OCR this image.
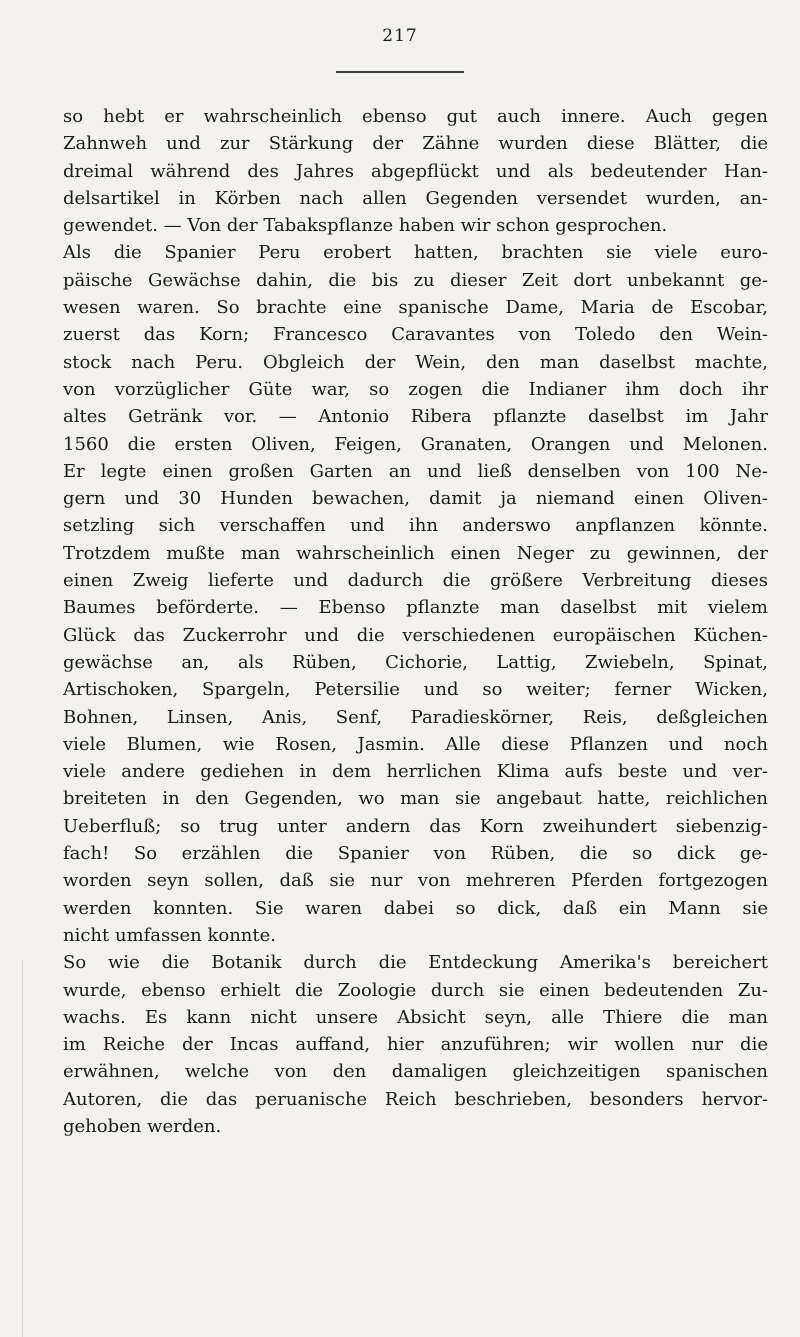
217
so hebt er wahrscheinlich ebenso gut auch innere. Auch gegen
Zahnweh und zur Stärkung der Zähne wurden diese Blätter, die
dreimal während des Jahres abgepflückt und als bedeutender Han-
delsartikel in Körben nach allen Gegenden versendet wurden, an-
gewendet. — Von der Tabakspflanze haben wir schon gesprochen.
Als die Spanier Peru erobert hatten, brachten sie viele euro-
päische Gewächse dahin, die bis zu dieser Zeit dort unbekannt ge-
wesen waren. So brachte eine spanische Dame, Maria de Escobar,
zuerst das Korn; Francesco Caravantes von Toledo den Wein-
stock nach Peru. Obgleich der Wein, den man daselbst machte,
von vorzüglicher Güte war, so zogen die Indianer ihm doch ihr
altes Getränk vor. — Antonio Ribera pflanzte daselbst im Jahr
1560 die ersten Oliven, Feigen, Granaten, Orangen und Melonen.
Er legte einen großen Garten an und ließ denselben von 100 Ne-
gern und 30 Hunden bewachen, damit ja niemand einen Oliven-
setzling sich verschaffen und ihn anderswo anpflanzen könnte.
Trotzdem mußte man wahrscheinlich einen Neger zu gewinnen, der
einen Zweig lieferte und dadurch die größere Verbreitung dieses
Baumes beförderte. — Ebenso pflanzte man daselbst mit vielem
Glück das Zuckerrohr und die verschiedenen europäischen Küchen-
gewächse an, als Rüben, Cichorie, Lattig, Zwiebeln, Spinat,
Artischoken, Spargeln, Petersilie und so weiter; ferner Wicken,
Bohnen, Linsen, Anis, Senf, Paradieskörner, Reis, deßgleichen
viele Blumen, wie Rosen, Jasmin. Alle diese Pflanzen und noch
viele andere gediehen in dem herrlichen Klima aufs beste und ver-
breiteten in den Gegenden, wo man sie angebaut hatte, reichlichen
Ueberfluß; so trug unter andern das Korn zweihundert siebenzig-
fach! So erzählen die Spanier von Rüben, die so dick ge-
worden seyn sollen, daß sie nur von mehreren Pferden fortgezogen
werden konnten. Sie waren dabei so dick, daß ein Mann sie
nicht umfassen konnte.
So wie die Botanik durch die Entdeckung Amerika's bereichert
wurde, ebenso erhielt die Zoologie durch sie einen bedeutenden Zu-
wachs. Es kann nicht unsere Absicht seyn, alle Thiere die man
im Reiche der Incas auffand, hier anzuführen; wir wollen nur die
erwähnen, welche von den damaligen gleichzeitigen spanischen
Autoren, die das peruanische Reich beschrieben, besonders hervor-
gehoben werden.
